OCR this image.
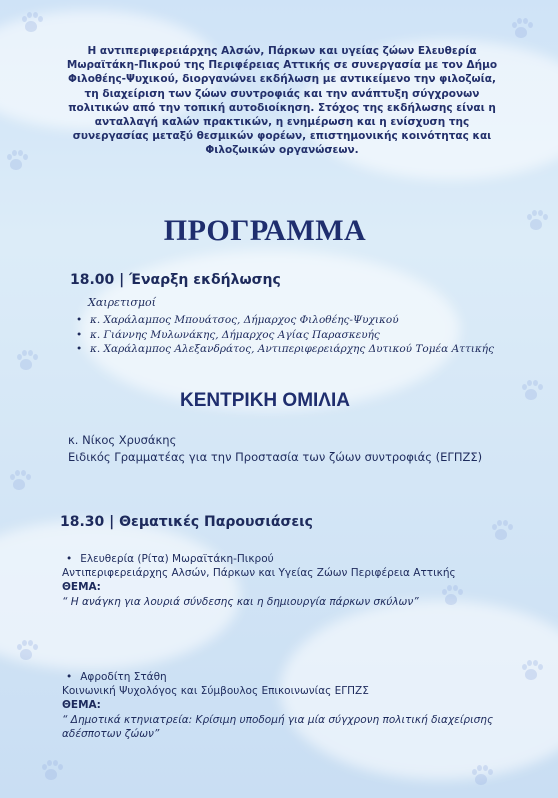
Η αντιπεριφερειάρχης Αλσών, Πάρκων και υγείας ζώων Ελευθερία Μωραϊτάκη-Πικρού της Περιφέρειας Αττικής σε συνεργασία με τον Δήμο Φιλοθέης-Ψυχικού, διοργανώνει εκδήλωση με αντικείμενο την φιλοζωία, τη διαχείριση των ζώων συντροφιάς και την ανάπτυξη σύγχρονων πολιτικών από την τοπική αυτοδιοίκηση. Στόχος της εκδήλωσης είναι η ανταλλαγή καλών πρακτικών, η ενημέρωση και η ενίσχυση της συνεργασίας μεταξύ θεσμικών φορέων, επιστημονικής κοινότητας και Φιλοζωικών οργανώσεων.

ΠΡΟΓΡΑΜΜΑ
18.00 | Έναρξη εκδήλωσης
Χαιρετισμοί
• κ. Χαράλαμπος Μπουάτσος, Δήμαρχος Φιλοθέης-Ψυχικού
• κ. Γιάννης Μυλωνάκης, Δήμαρχος Αγίας Παρασκευής
• κ. Χαράλαμπος Αλεξανδράτος, Αντιπεριφερειάρχης Δυτικού Τομέα Αττικής
ΚΕΝΤΡΙΚΗ ΟΜΙΛΙΑ
κ. Νίκος Χρυσάκης
Ειδικός Γραμματέας για την Προστασία των ζώων συντροφιάς (ΕΓΠΖΣ)
18.30 | Θεματικές Παρουσιάσεις
• Ελευθερία (Ρίτα) Μωραϊτάκη-Πικρού
Αντιπεριφερειάρχης Αλσών, Πάρκων και Υγείας Ζώων Περιφέρεια Αττικής
ΘΕΜΑ:
“ Η ανάγκη για λουριά σύνδεσης και η δημιουργία πάρκων σκύλων”
• Αφροδίτη Στάθη
Κοινωνική Ψυχολόγος και Σύμβουλος Επικοινωνίας ΕΓΠΖΣ
ΘΕΜΑ:
“ Δημοτικά κτηνιατρεία: Κρίσιμη υποδομή για μία σύγχρονη πολιτική διαχείρισης αδέσποτων ζώων”
